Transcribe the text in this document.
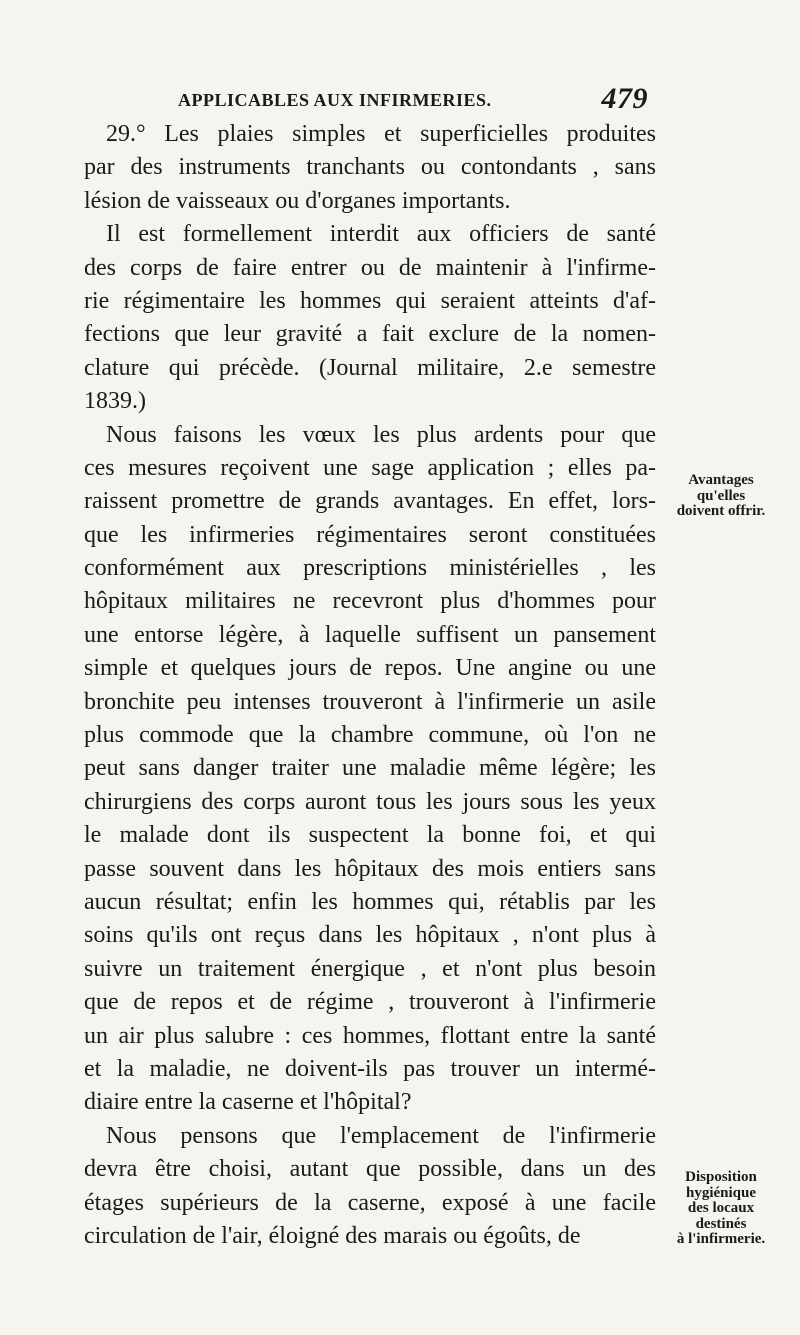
APPLICABLES AUX INFIRMERIES.	479
29.° Les plaies simples et superficielles produites
par des instruments tranchants ou contondants , sans
lésion de vaisseaux ou d'organes importants.
Il est formellement interdit aux officiers de santé
des corps de faire entrer ou de maintenir à l'infirme-
rie régimentaire les hommes qui seraient atteints d'af-
fections que leur gravité a fait exclure de la nomen-
clature qui précède. (Journal militaire, 2.e semestre
1839.)
Nous faisons les vœux les plus ardents pour que
ces mesures reçoivent une sage application ; elles pa-
raissent promettre de grands avantages. En effet, lors-
que les infirmeries régimentaires seront constituées
conformément aux prescriptions ministérielles , les
hôpitaux militaires ne recevront plus d'hommes pour
une entorse légère, à laquelle suffisent un pansement
simple et quelques jours de repos. Une angine ou une
bronchite peu intenses trouveront à l'infirmerie un asile
plus commode que la chambre commune, où l'on ne
peut sans danger traiter une maladie même légère; les
chirurgiens des corps auront tous les jours sous les yeux
le malade dont ils suspectent la bonne foi, et qui
passe souvent dans les hôpitaux des mois entiers sans
aucun résultat; enfin les hommes qui, rétablis par les
soins qu'ils ont reçus dans les hôpitaux , n'ont plus à
suivre un traitement énergique , et n'ont plus besoin
que de repos et de régime , trouveront à l'infirmerie
un air plus salubre : ces hommes, flottant entre la santé
et la maladie, ne doivent-ils pas trouver un intermé-
diaire entre la caserne et l'hôpital?
Nous pensons que l'emplacement de l'infirmerie
devra être choisi, autant que possible, dans un des
étages supérieurs de la caserne, exposé à une facile
circulation de l'air, éloigné des marais ou égoûts, de
Avantages
qu'elles
doivent offrir.
Disposition
hygiénique
des locaux
destinés
à l'infirmerie.
